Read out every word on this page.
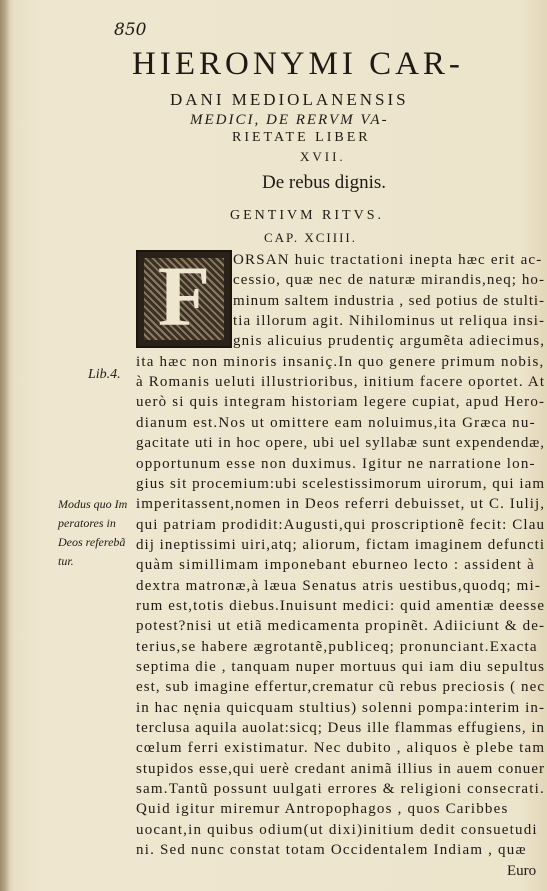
850
HIERONYMI CAR-
DANI MEDIOLANENSIS
MEDICI, DE RERVM VA-
RIETATE LIBER
XVII.
De rebus dignis.
GENTIVM RITVS.
CAP. XCIIII.
F
Lib.4.
Modus quo Im
peratores in
Deos referebã
tur.
ORSAN huic tractationi inepta hæc erit ac-
cessio, quæ nec de naturæ mirandis,neq; ho-
minum saltem industria , sed potius de stulti-
tia illorum agit. Nihilominus ut reliqua insi-
gnis alicuius prudentiç argumẽta adiecimus,
ita hæc non minoris insaniç.In quo genere primum nobis,
à Romanis ueluti illustrioribus, initium facere oportet. At
uerò si quis integram historiam legere cupiat, apud Hero-
dianum est.Nos ut omittere eam noluimus,ita Græca nu-
gacitate uti in hoc opere, ubi uel syllabæ sunt expendendæ,
opportunum esse non duximus. Igitur ne narratione lon-
gius sit procemium:ubi scelestissimorum uirorum, qui iam
imperitassent,nomen in Deos referri debuisset, ut C. Iulij,
qui patriam prodidit:Augusti,qui proscriptionẽ fecit: Clau
dij ineptissimi uiri,atq; aliorum, fictam imaginem defuncti
quàm simillimam imponebant eburneo lecto : assident à
dextra matronæ,à læua Senatus atris uestibus,quodq; mi-
rum est,totis diebus.Inuisunt medici: quid amentiæ deesse
potest?nisi ut etiã medicamenta propinẽt. Adiiciunt & de-
terius,se habere ægrotantẽ,publiceq; pronunciant.Exacta
septima die , tanquam nuper mortuus qui iam diu sepultus
est, sub imagine effertur,crematur cũ rebus preciosis ( nec
in hac nęnia quicquam stultius) solenni pompa:interim in-
terclusa aquila auolat:sicq; Deus ille flammas effugiens, in
cœlum ferri existimatur. Nec dubito , aliquos è plebe tam
stupidos esse,qui uerè credant animã illius in auem conuer
sam.Tantũ possunt uulgati errores & religioni consecrati.
Quid igitur miremur Antropophagos , quos Caribbes
uocant,in quibus odium(ut dixi)initium dedit consuetudi
ni. Sed nunc constat totam Occidentalem Indiam , quæ
Euro
